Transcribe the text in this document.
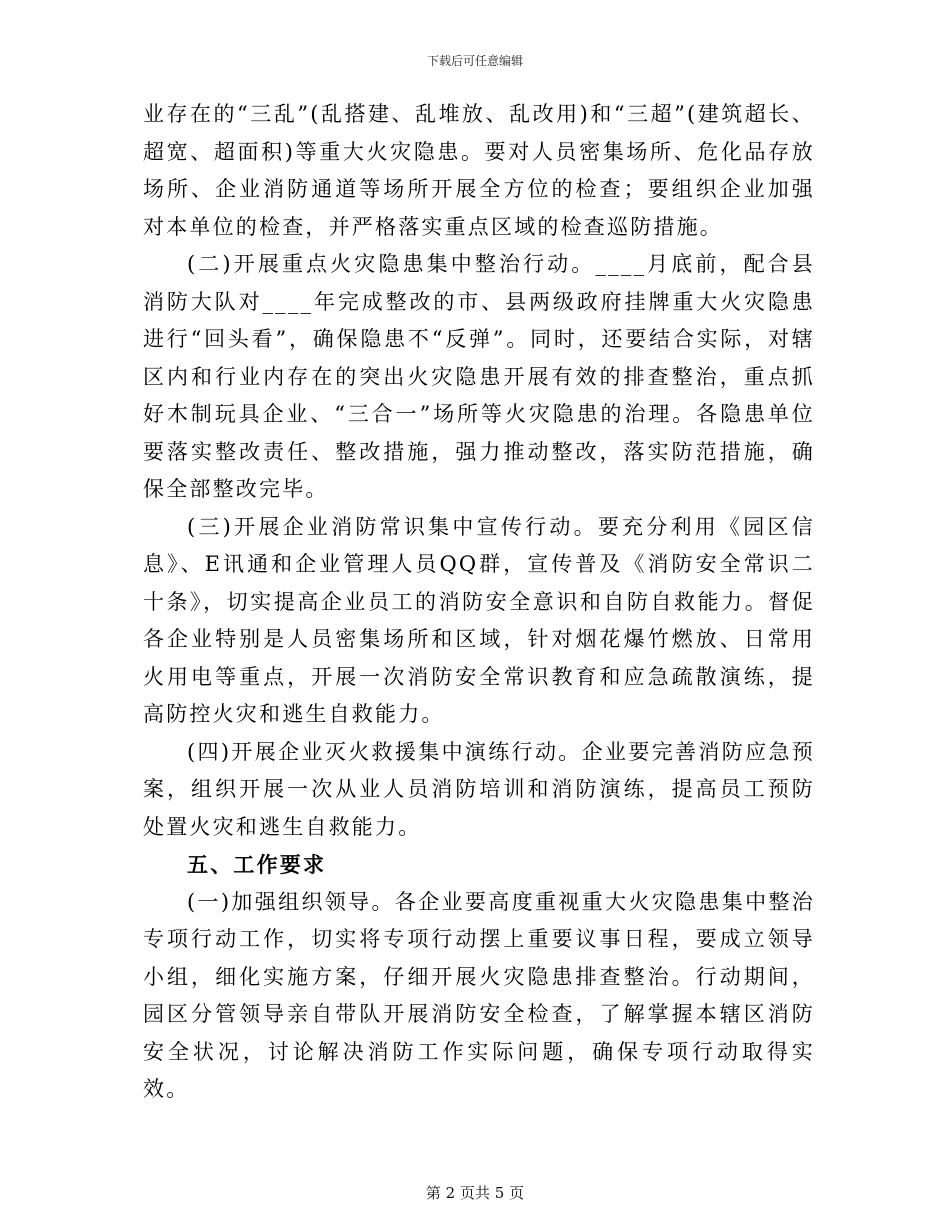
下载后可任意编辑

业存在的“三乱”(乱搭建、乱堆放、乱改用)和“三超”(建筑超长、超宽、超面积)等重大火灾隐患。要对人员密集场所、危化品存放场所、企业消防通道等场所开展全方位的检查；要组织企业加强对本单位的检查，并严格落实重点区域的检查巡防措施。

(二)开展重点火灾隐患集中整治行动。____月底前，配合县消防大队对____年完成整改的市、县两级政府挂牌重大火灾隐患进行“回头看”，确保隐患不“反弹”。同时，还要结合实际，对辖区内和行业内存在的突出火灾隐患开展有效的排查整治，重点抓好木制玩具企业、“三合一”场所等火灾隐患的治理。各隐患单位要落实整改责任、整改措施，强力推动整改，落实防范措施，确保全部整改完毕。

(三)开展企业消防常识集中宣传行动。要充分利用《园区信息》、E讯通和企业管理人员QQ群，宣传普及《消防安全常识二十条》，切实提高企业员工的消防安全意识和自防自救能力。督促各企业特别是人员密集场所和区域，针对烟花爆竹燃放、日常用火用电等重点，开展一次消防安全常识教育和应急疏散演练，提高防控火灾和逃生自救能力。

(四)开展企业灭火救援集中演练行动。企业要完善消防应急预案，组织开展一次从业人员消防培训和消防演练，提高员工预防处置火灾和逃生自救能力。

五、工作要求

(一)加强组织领导。各企业要高度重视重大火灾隐患集中整治专项行动工作，切实将专项行动摆上重要议事日程，要成立领导小组，细化实施方案，仔细开展火灾隐患排查整治。行动期间，园区分管领导亲自带队开展消防安全检查，了解掌握本辖区消防安全状况，讨论解决消防工作实际问题，确保专项行动取得实效。

第 2 页共 5 页
